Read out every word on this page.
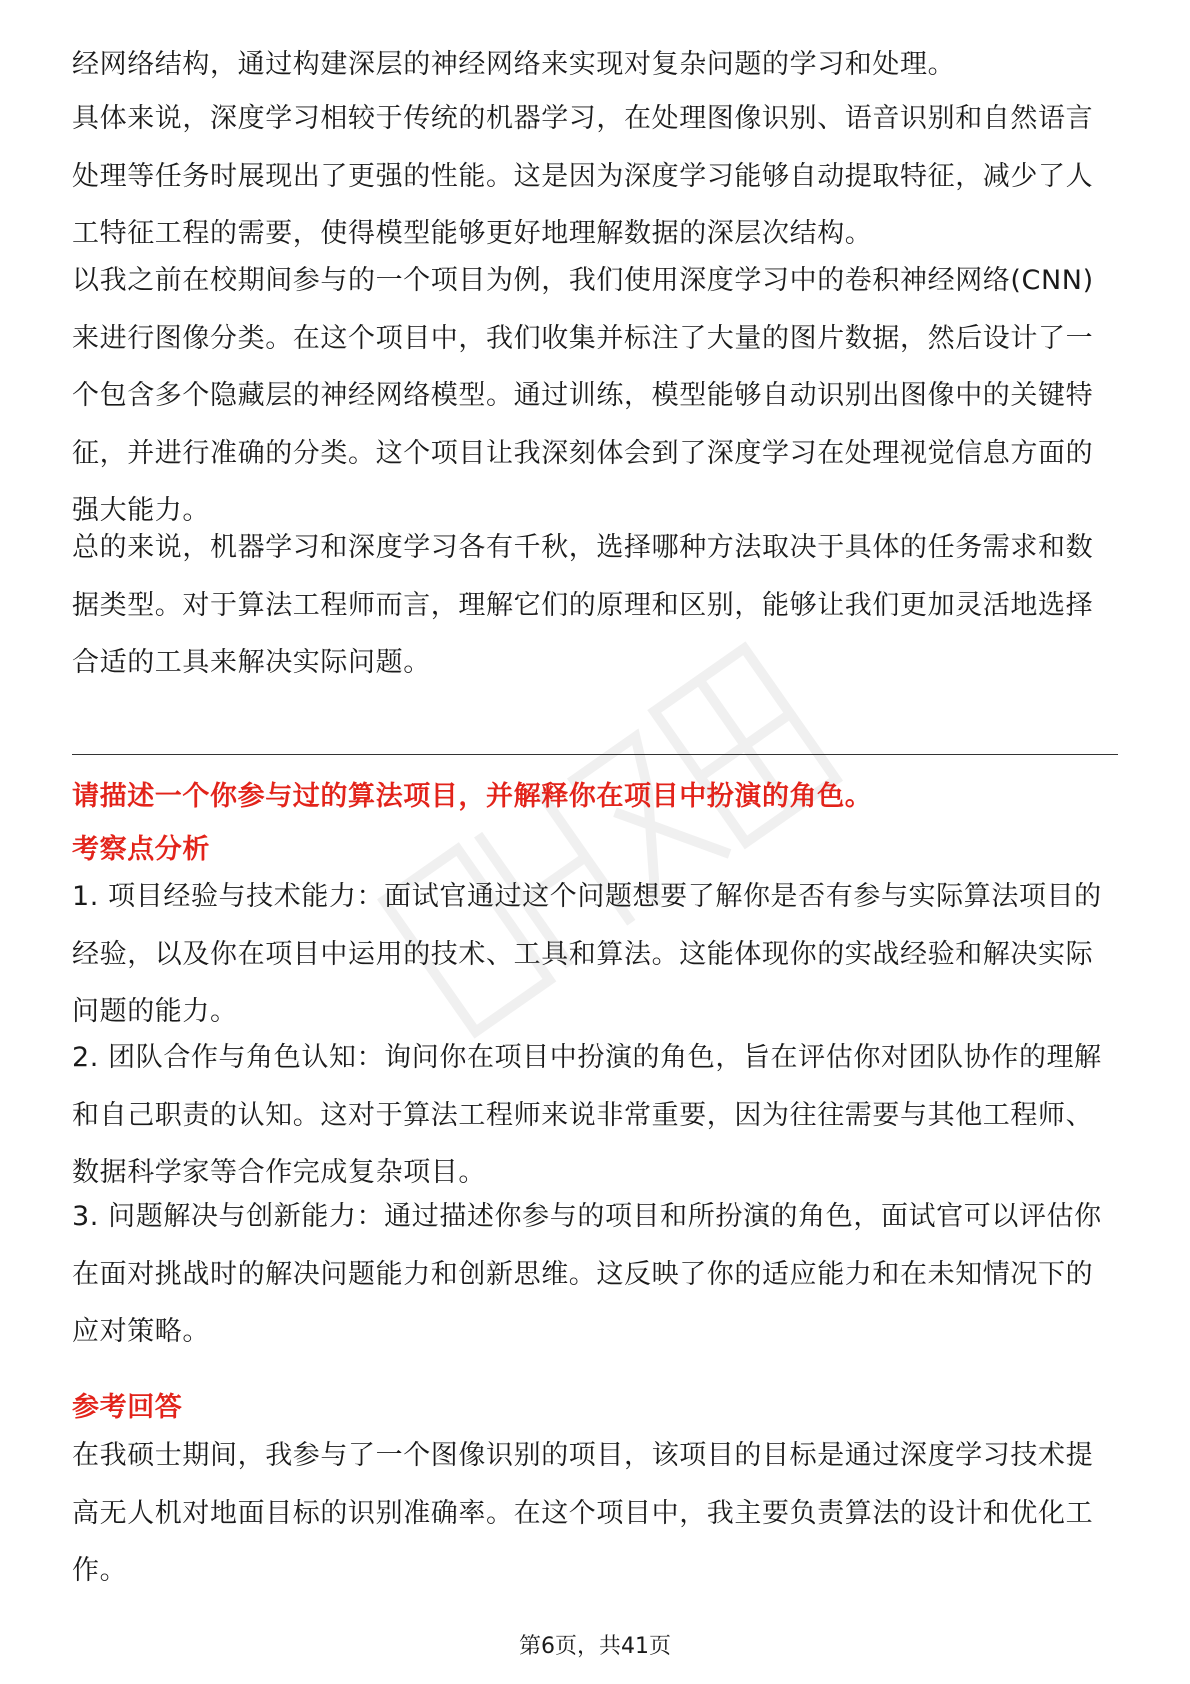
经网络结构，通过构建深层的神经网络来实现对复杂问题的学习和处理。

具体来说，深度学习相较于传统的机器学习，在处理图像识别、语音识别和自然语言处理等任务时展现出了更强的性能。这是因为深度学习能够自动提取特征，减少了人工特征工程的需要，使得模型能够更好地理解数据的深层次结构。

以我之前在校期间参与的一个项目为例，我们使用深度学习中的卷积神经网络(CNN)来进行图像分类。在这个项目中，我们收集并标注了大量的图片数据，然后设计了一个包含多个隐藏层的神经网络模型。通过训练，模型能够自动识别出图像中的关键特征，并进行准确的分类。这个项目让我深刻体会到了深度学习在处理视觉信息方面的强大能力。

总的来说，机器学习和深度学习各有千秋，选择哪种方法取决于具体的任务需求和数据类型。对于算法工程师而言，理解它们的原理和区别，能够让我们更加灵活地选择合适的工具来解决实际问题。

请描述一个你参与过的算法项目，并解释你在项目中扮演的角色。
考察点分析

1. 项目经验与技术能力：面试官通过这个问题想要了解你是否有参与实际算法项目的经验，以及你在项目中运用的技术、工具和算法。这能体现你的实战经验和解决实际问题的能力。

2. 团队合作与角色认知：询问你在项目中扮演的角色，旨在评估你对团队协作的理解和自己职责的认知。这对于算法工程师来说非常重要，因为往往需要与其他工程师、数据科学家等合作完成复杂项目。

3. 问题解决与创新能力：通过描述你参与的项目和所扮演的角色，面试官可以评估你在面对挑战时的解决问题能力和创新思维。这反映了你的适应能力和在未知情况下的应对策略。

参考回答

在我硕士期间，我参与了一个图像识别的项目，该项目的目标是通过深度学习技术提高无人机对地面目标的识别准确率。在这个项目中，我主要负责算法的设计和优化工作。

第6页，共41页
